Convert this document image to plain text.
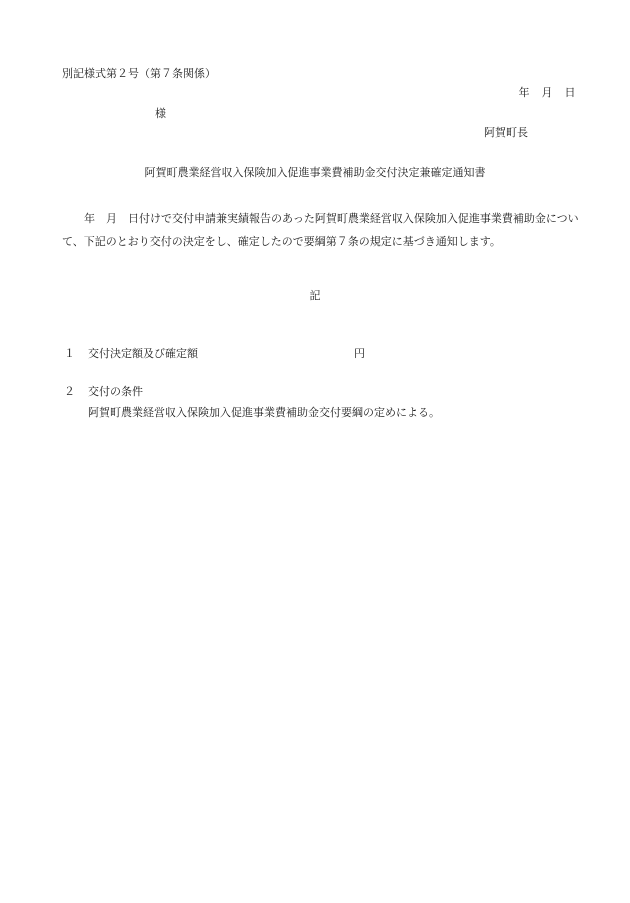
別記様式第２号（第７条関係）
年　月　日
様
阿賀町長
阿賀町農業経営収入保険加入促進事業費補助金交付決定兼確定通知書
年　月　日付けで交付申請兼実績報告のあった阿賀町農業経営収入保険加入促進事業費補助金について、下記のとおり交付の決定をし、確定したので要綱第７条の規定に基づき通知します。
記
１ 交付決定額及び確定額	円
２ 交付の条件
阿賀町農業経営収入保険加入促進事業費補助金交付要綱の定めによる。
